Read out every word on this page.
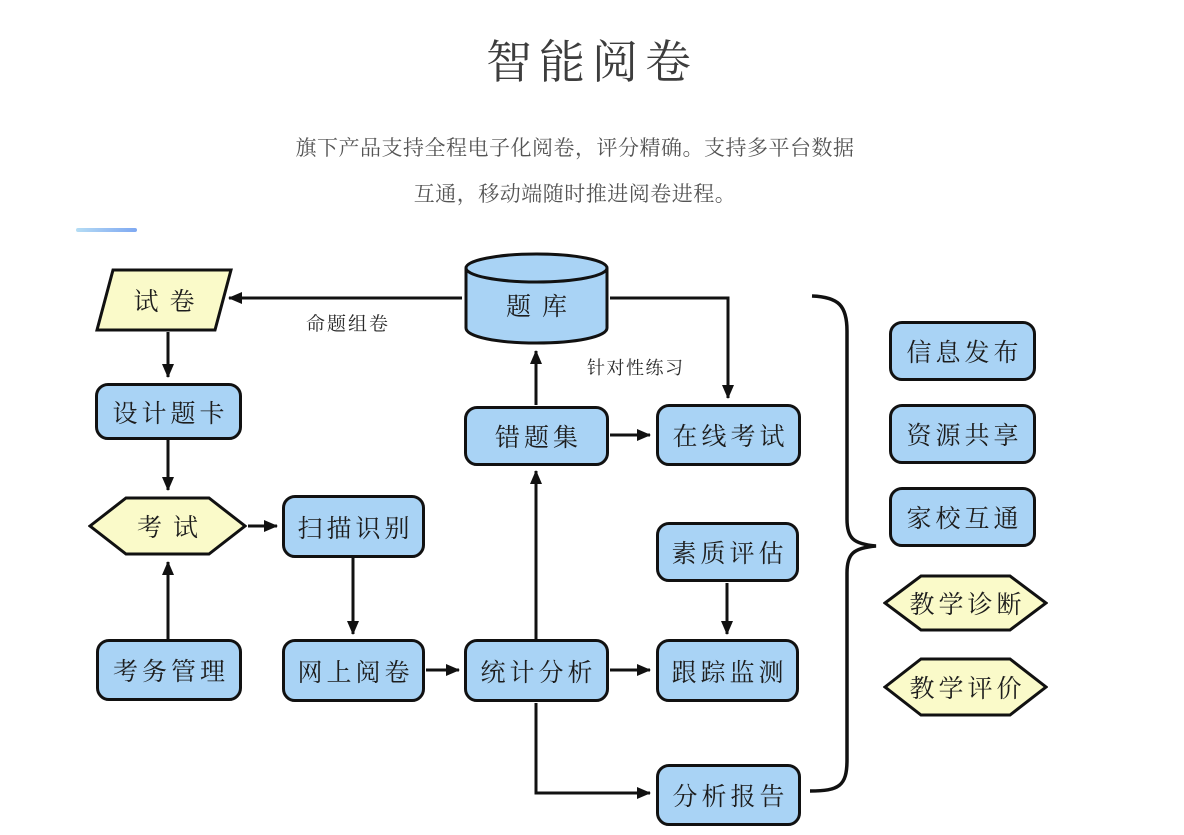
智能阅卷
旗下产品支持全程电子化阅卷，评分精确。支持多平台数据
互通，移动端随时推进阅卷进程。
命题组卷
针对性练习
试卷
设计题卡
考试
考务管理
扫描识别
网上阅卷
题库
错题集
统计分析
在线考试
素质评估
跟踪监测
分析报告
信息发布
资源共享
家校互通
教学诊断
教学评价
